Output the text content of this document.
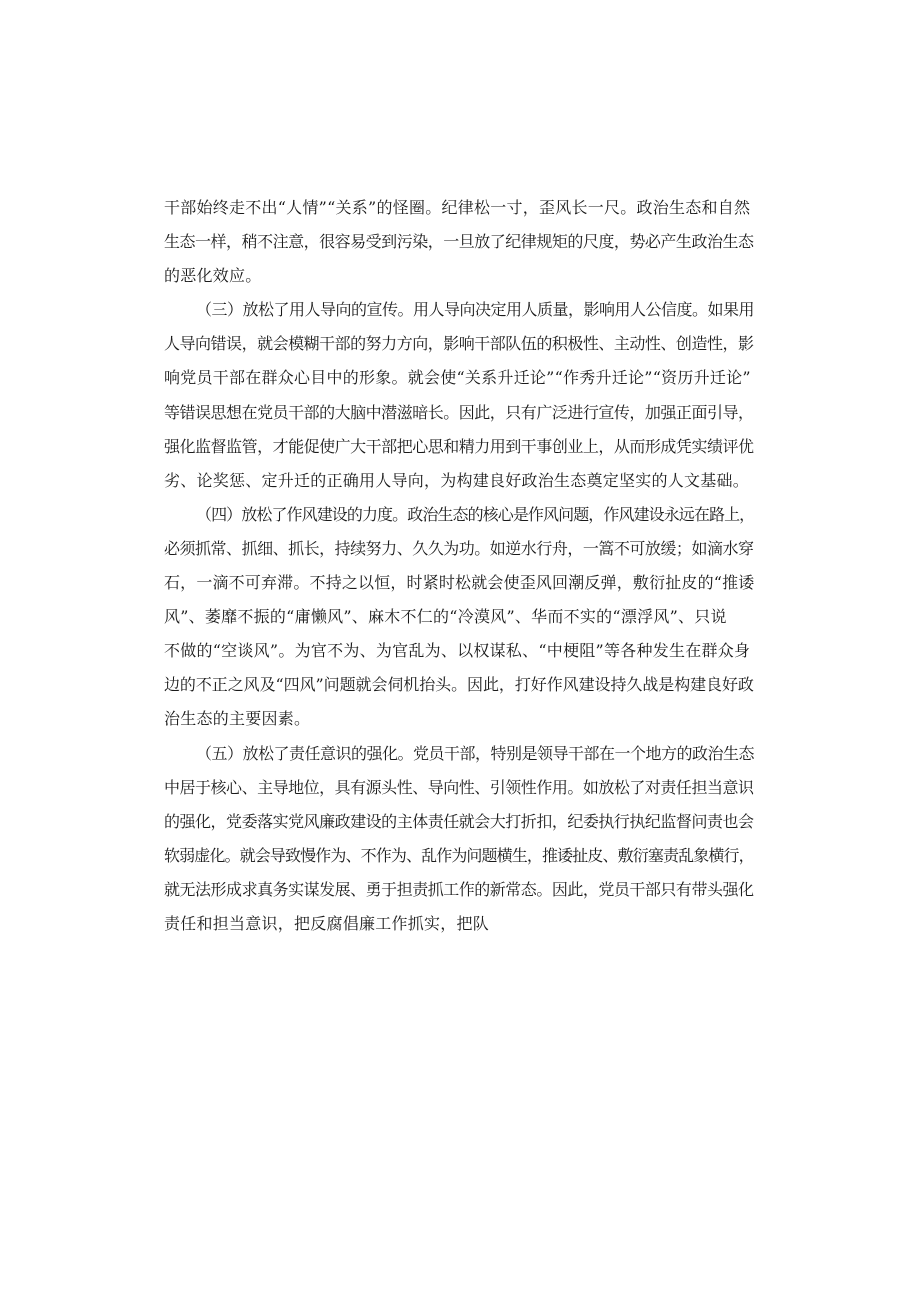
干部始终走不出“人情”“关系”的怪圈。纪律松一寸，歪风长一尺。政治生态和自然
生态一样，稍不注意，很容易受到污染，一旦放了纪律规矩的尺度，势必产生政治生态
的恶化效应。

（三）放松了用人导向的宣传。用人导向决定用人质量，影响用人公信度。如果用
人导向错误，就会模糊干部的努力方向，影响干部队伍的积极性、主动性、创造性，影
响党员干部在群众心目中的形象。就会使“关系升迁论”“作秀升迁论”“资历升迁论”
等错误思想在党员干部的大脑中潜滋暗长。因此，只有广泛进行宣传，加强正面引导，
强化监督监管，才能促使广大干部把心思和精力用到干事创业上，从而形成凭实绩评优
劣、论奖惩、定升迁的正确用人导向，为构建良好政治生态奠定坚实的人文基础。

（四）放松了作风建设的力度。政治生态的核心是作风问题，作风建设永远在路上，
必须抓常、抓细、抓长，持续努力、久久为功。如逆水行舟，一篙不可放缓；如滴水穿
石，一滴不可弃滞。不持之以恒，时紧时松就会使歪风回潮反弹，敷衍扯皮的“推诿
风”、萎靡不振的“庸懒风”、麻木不仁的“冷漠风”、华而不实的“漂浮风”、只说
不做的“空谈风”。为官不为、为官乱为、以权谋私、“中梗阻”等各种发生在群众身
边的不正之风及“四风”问题就会伺机抬头。因此，打好作风建设持久战是构建良好政
治生态的主要因素。

（五）放松了责任意识的强化。党员干部，特别是领导干部在一个地方的政治生态
中居于核心、主导地位，具有源头性、导向性、引领性作用。如放松了对责任担当意识
的强化，党委落实党风廉政建设的主体责任就会大打折扣，纪委执行执纪监督问责也会
软弱虚化。就会导致慢作为、不作为、乱作为问题横生，推诿扯皮、敷衍塞责乱象横行，
就无法形成求真务实谋发展、勇于担责抓工作的新常态。因此，党员干部只有带头强化
责任和担当意识，把反腐倡廉工作抓实，把队
